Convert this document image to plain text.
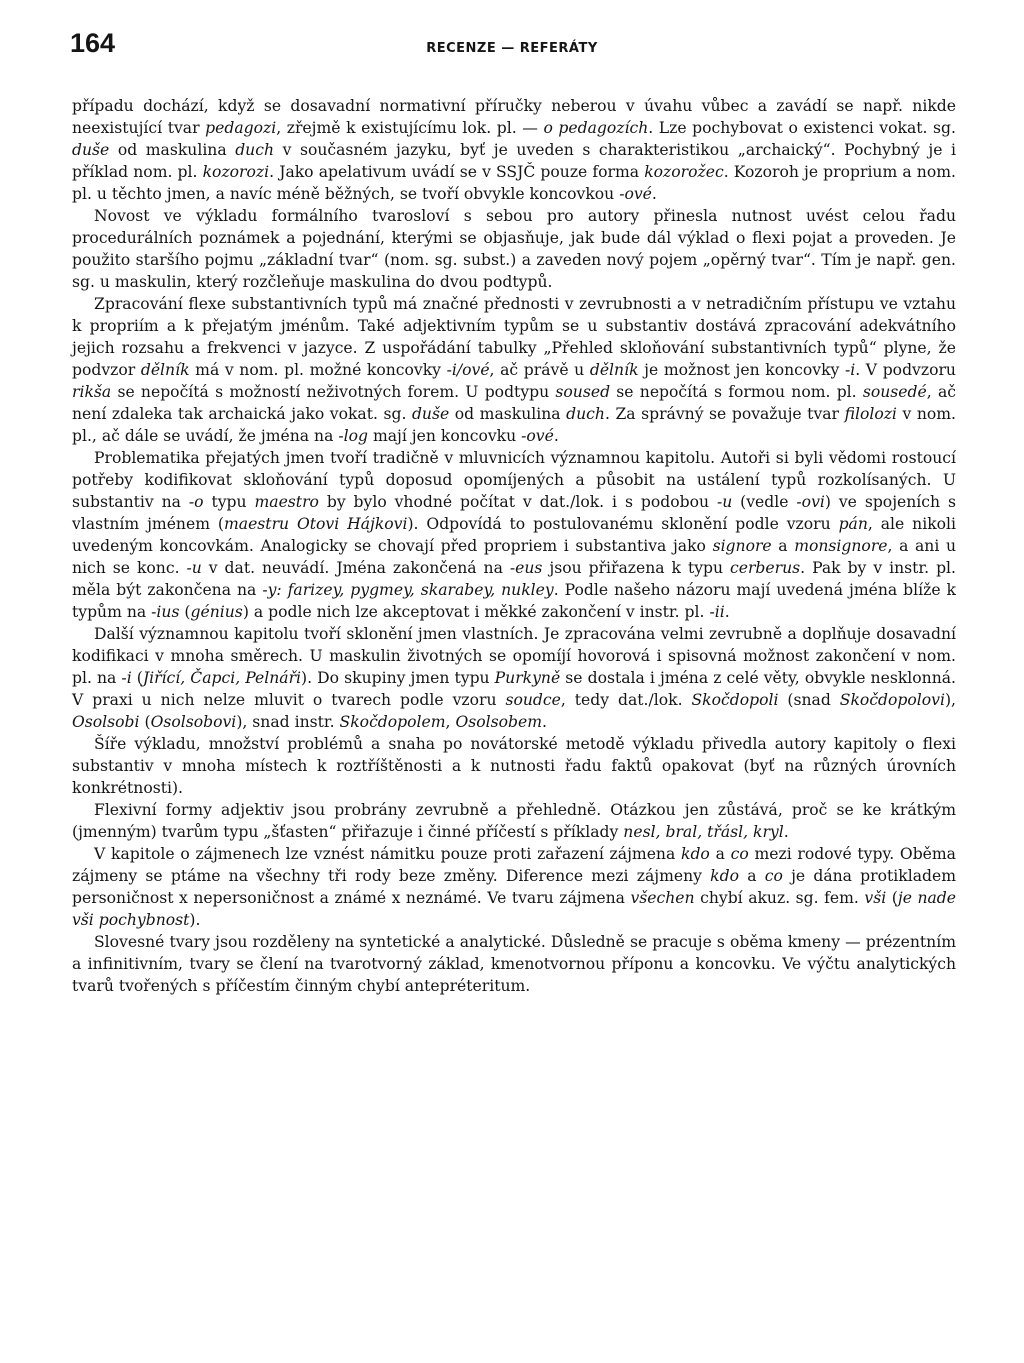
164	RECENZE — REFERÁTY

případu dochází, když se dosavadní normativní příručky neberou v úvahu vůbec a zavádí se např. nikde neexistující tvar pedagozi, zřejmě k existujícímu lok. pl. — o pedagozích. Lze pochybovat o existenci vokat. sg. duše od maskulina duch v současném jazyku, byť je uveden s charakteristikou „archaický“. Pochybný je i příklad nom. pl. kozorozi. Jako apelativum uvádí se v SSJČ pouze forma kozorožec. Kozoroh je proprium a nom. pl. u těchto jmen, a navíc méně běžných, se tvoří obvykle koncovkou -ové.

Novost ve výkladu formálního tvarosloví s sebou pro autory přinesla nutnost uvést celou řadu procedurálních poznámek a pojednání, kterými se objasňuje, jak bude dál výklad o flexi pojat a proveden. Je použito staršího pojmu „základní tvar“ (nom. sg. subst.) a zaveden nový pojem „opěrný tvar“. Tím je např. gen. sg. u maskulin, který rozčleňuje maskulina do dvou podtypů.

Zpracování flexe substantivních typů má značné přednosti v zevrubnosti a v netradičním přístupu ve vztahu k propriím a k přejatým jménům. Také adjektivním typům se u substantiv dostává zpracování adekvátního jejich rozsahu a frekvenci v jazyce. Z uspořádání tabulky „Přehled skloňování substantivních typů“ plyne, že podvzor dělník má v nom. pl. možné koncovky -i/ové, ač právě u dělník je možnost jen koncovky -i. V podvzoru rikša se nepočítá s možností neživotných forem. U podtypu soused se nepočítá s formou nom. pl. sousedé, ač není zdaleka tak archaická jako vokat. sg. duše od maskulina duch. Za správný se považuje tvar filolozi v nom. pl., ač dále se uvádí, že jména na -log mají jen koncovku -ové.

Problematika přejatých jmen tvoří tradičně v mluvnicích významnou kapitolu. Autoři si byli vědomi rostoucí potřeby kodifikovat skloňování typů doposud opomíjených a působit na ustálení typů rozkolísaných. U substantiv na -o typu maestro by bylo vhodné počítat v dat./lok. i s podobou -u (vedle -ovi) ve spojeních s vlastním jménem (maestru Otovi Hájkovi). Odpovídá to postulovanému sklonění podle vzoru pán, ale nikoli uvedeným koncovkám. Analogicky se chovají před propriem i substantiva jako signore a monsignore, a ani u nich se konc. -u v dat. neuvádí. Jména zakončená na -eus jsou přiřazena k typu cerberus. Pak by v instr. pl. měla být zakončena na -y: farizey, pygmey, skarabey, nukley. Podle našeho názoru mají uvedená jména blíže k typům na -ius (génius) a podle nich lze akceptovat i měkké zakončení v instr. pl. -ii.

Další významnou kapitolu tvoří sklonění jmen vlastních. Je zpracována velmi zevrubně a doplňuje dosavadní kodifikaci v mnoha směrech. U maskulin životných se opomíjí hovorová i spisovná možnost zakončení v nom. pl. na -i (Jiřící, Čapci, Pelnáři). Do skupiny jmen typu Purkyně se dostala i jména z celé věty, obvykle nesklonná. V praxi u nich nelze mluvit o tvarech podle vzoru soudce, tedy dat./lok. Skočdopoli (snad Skočdopolovi), Osolsobi (Osolsobovi), snad instr. Skočdopolem, Osolsobem.

Šíře výkladu, množství problémů a snaha po novátorské metodě výkladu přivedla autory kapitoly o flexi substantiv v mnoha místech k roztříštěnosti a k nutnosti řadu faktů opakovat (byť na různých úrovních konkrétnosti).

Flexivní formy adjektiv jsou probrány zevrubně a přehledně. Otázkou jen zůstává, proč se ke krátkým (jmenným) tvarům typu „šťasten“ přiřazuje i činné příčestí s příklady nesl, bral, třásl, kryl.

V kapitole o zájmenech lze vznést námitku pouze proti zařazení zájmena kdo a co mezi rodové typy. Oběma zájmeny se ptáme na všechny tři rody beze změny. Diference mezi zájmeny kdo a co je dána protikladem personičnost x nepersoničnost a známé x neznámé. Ve tvaru zájmena všechen chybí akuz. sg. fem. vši (je nade vši pochybnost).

Slovesné tvary jsou rozděleny na syntetické a analytické. Důsledně se pracuje s oběma kmeny — prézentním a infinitivním, tvary se člení na tvarotvorný základ, kmenotvornou příponu a koncovku. Ve výčtu analytických tvarů tvořených s příčestím činným chybí antepréteritum.
